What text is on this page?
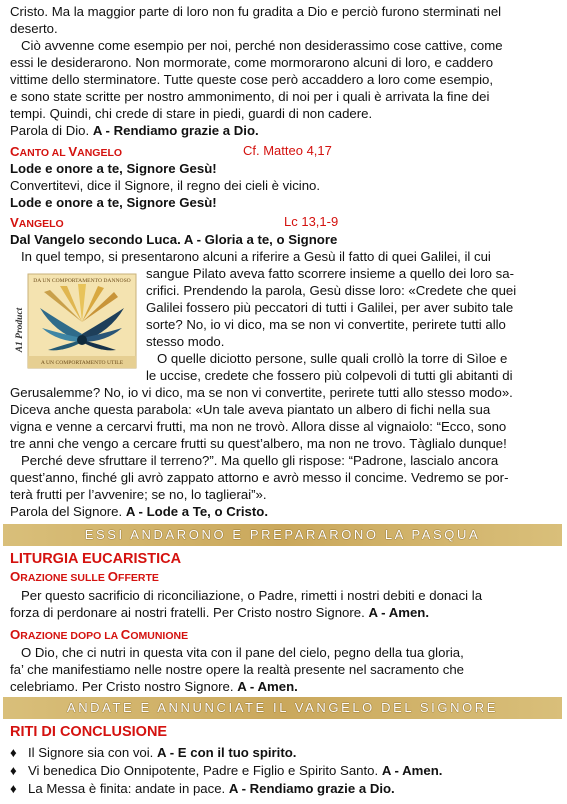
Cristo. Ma la maggior parte di loro non fu gradita a Dio e perciò furono sterminati nel
deserto.
Ciò avvenne come esempio per noi, perché non desiderassimo cose cattive, come
essi le desiderarono. Non mormorate, come mormorarono alcuni di loro, e caddero
vittime dello sterminatore. Tutte queste cose però accaddero a loro come esempio,
e sono state scritte per nostro ammonimento, di noi per i quali è arrivata la fine dei
tempi. Quindi, chi crede di stare in piedi, guardi di non cadere.
Parola di Dio. A - Rendiamo grazie a Dio.
CANTO AL VANGELO	Cf. Matteo 4,17
Lode e onore a te, Signore Gesù!
Convertitevi, dice il Signore, il regno dei cieli è vicino.
Lode e onore a te, Signore Gesù!
VANGELO	Lc 13,1-9
Dal Vangelo secondo Luca. A - Gloria a te, o Signore
In quel tempo, si presentarono alcuni a riferire a Gesù il fatto di quei Galilei, il cui
sangue Pilato aveva fatto scorrere insieme a quello dei loro sa-
crifici. Prendendo la parola, Gesù disse loro: «Credete che quei
Galilei fossero più peccatori di tutti i Galilei, per aver subito tale
sorte? No, io vi dico, ma se non vi convertite, perirete tutti allo
stesso modo.
O quelle diciotto persone, sulle quali crollò la torre di Sìloe e
le uccise, credete che fossero più colpevoli di tutti gli abitanti di
Gerusalemme? No, io vi dico, ma se non vi convertite, perirete tutti allo stesso modo».
Diceva anche questa parabola: «Un tale aveva piantato un albero di fichi nella sua
vigna e venne a cercarvi frutti, ma non ne trovò. Allora disse al vignaiolo: “Ecco, sono
tre anni che vengo a cercare frutti su quest’albero, ma non ne trovo. Tàglialo dunque!
Perché deve sfruttare il terreno?”. Ma quello gli rispose: “Padrone, lascialo ancora
quest’anno, finché gli avrò zappato attorno e avrò messo il concime. Vedremo se por-
terà frutti per l’avvenire; se no, lo taglierai”».
Parola del Signore. A - Lode a Te, o Cristo.
A1 Product
DA UN COMPORTAMENTO DANNOSO
A UN COMPORTAMENTO UTILE
ESSI ANDARONO E PREPARARONO LA PASQUA
LITURGIA EUCARISTICA
ORAZIONE SULLE OFFERTE
Per questo sacrificio di riconciliazione, o Padre, rimetti i nostri debiti e donaci la
forza di perdonare ai nostri fratelli. Per Cristo nostro Signore. A - Amen.
ORAZIONE DOPO LA COMUNIONE
O Dio, che ci nutri in questa vita con il pane del cielo, pegno della tua gloria,
fa’ che manifestiamo nelle nostre opere la realtà presente nel sacramento che
celebriamo. Per Cristo nostro Signore. A - Amen.
ANDATE E ANNUNCIATE IL VANGELO DEL SIGNORE
RITI DI CONCLUSIONE
♦ Il Signore sia con voi. A - E con il tuo spirito.
♦ Vi benedica Dio Onnipotente, Padre e Figlio e Spirito Santo. A - Amen.
♦ La Messa è finita: andate in pace. A - Rendiamo grazie a Dio.
